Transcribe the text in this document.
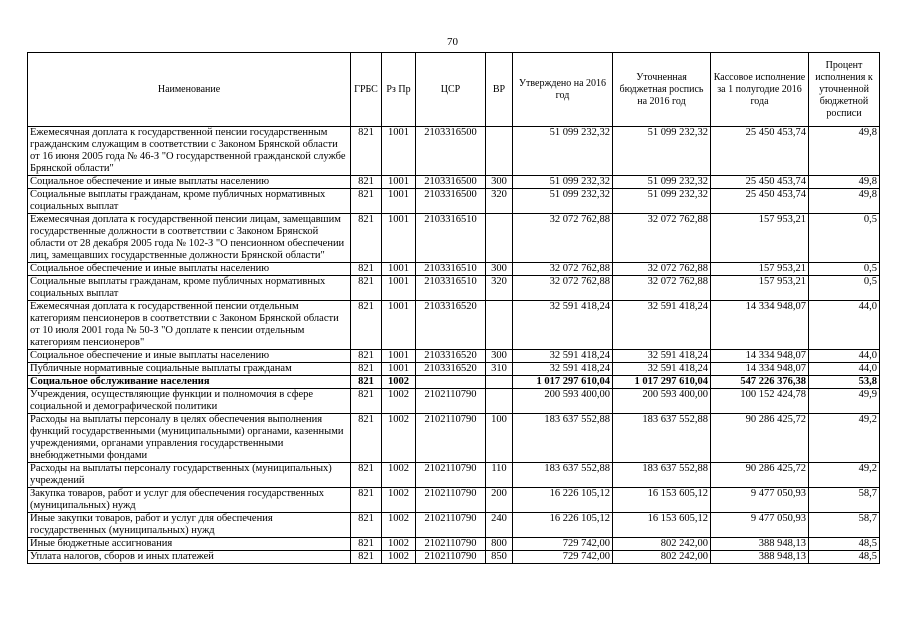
70
Наименование	ГРБС	Рз Пр	ЦСР	ВР	Утверждено на 2016 год	Уточненная бюджетная роспись на 2016 год	Кассовое исполнение за 1 полугодие 2016 года	Процент исполнения к уточненной бюджетной росписи
Ежемесячная доплата к государственной пенсии государственным гражданским служащим в соответствии с Законом Брянской области от 16 июня 2005 года № 46-З "О государственной гражданской службе Брянской области"	821	1001	2103316500		51 099 232,32	51 099 232,32	25 450 453,74	49,8
Социальное обеспечение и иные выплаты населению	821	1001	2103316500	300	51 099 232,32	51 099 232,32	25 450 453,74	49,8
Социальные выплаты гражданам, кроме публичных нормативных социальных выплат	821	1001	2103316500	320	51 099 232,32	51 099 232,32	25 450 453,74	49,8
Ежемесячная доплата к государственной пенсии лицам, замещавшим государственные должности в соответствии с Законом Брянской области от 28 декабря 2005 года № 102-З "О пенсионном обеспечении лиц, замещавших государственные должности Брянской области"	821	1001	2103316510		32 072 762,88	32 072 762,88	157 953,21	0,5
Социальное обеспечение и иные выплаты населению	821	1001	2103316510	300	32 072 762,88	32 072 762,88	157 953,21	0,5
Социальные выплаты гражданам, кроме публичных нормативных социальных выплат	821	1001	2103316510	320	32 072 762,88	32 072 762,88	157 953,21	0,5
Ежемесячная доплата к государственной пенсии отдельным категориям пенсионеров в соответствии с Законом Брянской области от 10 июля 2001 года № 50-З "О доплате к пенсии отдельным категориям пенсионеров"	821	1001	2103316520		32 591 418,24	32 591 418,24	14 334 948,07	44,0
Социальное обеспечение и иные выплаты населению	821	1001	2103316520	300	32 591 418,24	32 591 418,24	14 334 948,07	44,0
Публичные нормативные социальные выплаты гражданам	821	1001	2103316520	310	32 591 418,24	32 591 418,24	14 334 948,07	44,0
Социальное обслуживание населения	821	1002			1 017 297 610,04	1 017 297 610,04	547 226 376,38	53,8
Учреждения, осуществляющие функции и полномочия в сфере социальной и демографической политики	821	1002	2102110790		200 593 400,00	200 593 400,00	100 152 424,78	49,9
Расходы на выплаты персоналу в целях обеспечения выполнения функций государственными (муниципальными) органами, казенными учреждениями, органами управления государственными внебюджетными фондами	821	1002	2102110790	100	183 637 552,88	183 637 552,88	90 286 425,72	49,2
Расходы на выплаты персоналу государственных (муниципальных) учреждений	821	1002	2102110790	110	183 637 552,88	183 637 552,88	90 286 425,72	49,2
Закупка товаров, работ и услуг для обеспечения государственных (муниципальных) нужд	821	1002	2102110790	200	16 226 105,12	16 153 605,12	9 477 050,93	58,7
Иные закупки товаров, работ и услуг для обеспечения государственных (муниципальных) нужд	821	1002	2102110790	240	16 226 105,12	16 153 605,12	9 477 050,93	58,7
Иные бюджетные ассигнования	821	1002	2102110790	800	729 742,00	802 242,00	388 948,13	48,5
Уплата налогов, сборов и иных платежей	821	1002	2102110790	850	729 742,00	802 242,00	388 948,13	48,5
